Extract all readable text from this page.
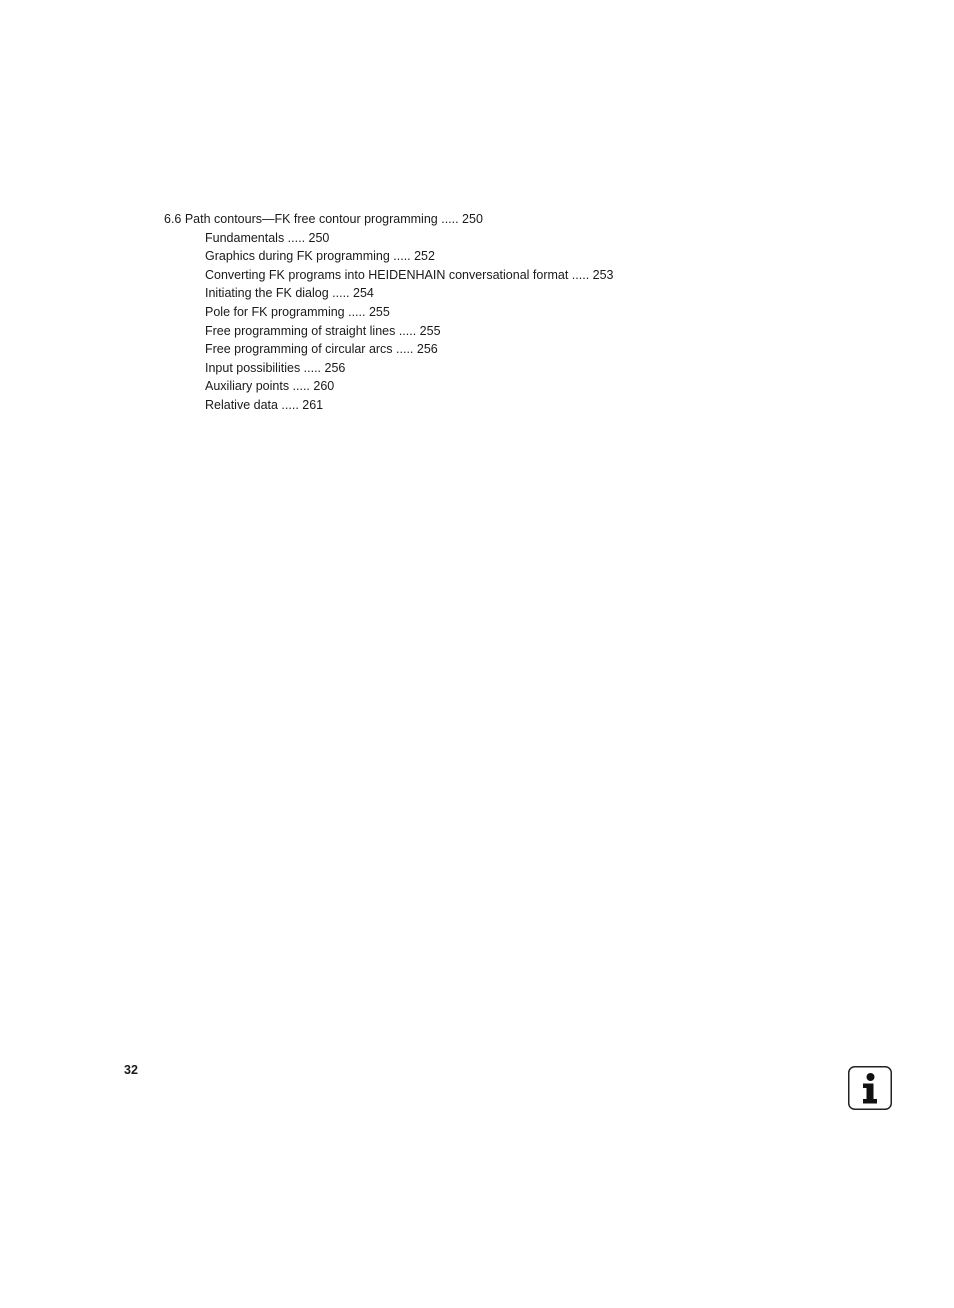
6.6 Path contours—FK free contour programming ..... 250
Fundamentals ..... 250
Graphics during FK programming ..... 252
Converting FK programs into HEIDENHAIN conversational format ..... 253
Initiating the FK dialog ..... 254
Pole for FK programming ..... 255
Free programming of straight lines ..... 255
Free programming of circular arcs ..... 256
Input possibilities ..... 256
Auxiliary points ..... 260
Relative data ..... 261
32
